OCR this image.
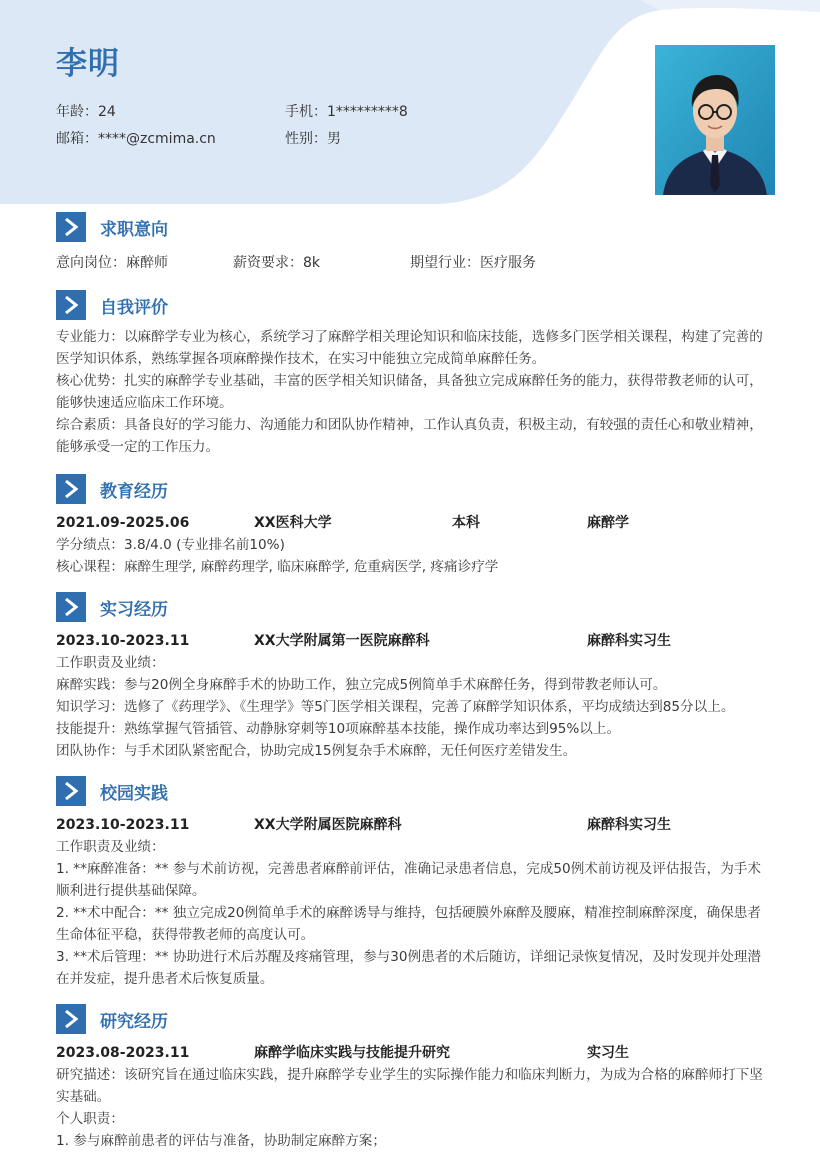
李明
年龄：24	手机：1*********8
邮箱：****@zcmima.cn	性别：男
求职意向
意向岗位：麻醉师	薪资要求：8k	期望行业：医疗服务
自我评价
专业能力：以麻醉学专业为核心，系统学习了麻醉学相关理论知识和临床技能，选修多门医学相关课程，构建了完善的医学知识体系，熟练掌握各项麻醉操作技术，在实习中能独立完成简单麻醉任务。
核心优势：扎实的麻醉学专业基础，丰富的医学相关知识储备，具备独立完成麻醉任务的能力，获得带教老师的认可，能够快速适应临床工作环境。
综合素质：具备良好的学习能力、沟通能力和团队协作精神，工作认真负责，积极主动，有较强的责任心和敬业精神，能够承受一定的工作压力。
教育经历
2021.09-2025.06	XX医科大学	本科	麻醉学
学分绩点：3.8/4.0 (专业排名前10%)
核心课程：麻醉生理学, 麻醉药理学, 临床麻醉学, 危重病医学, 疼痛诊疗学
实习经历
2023.10-2023.11	XX大学附属第一医院麻醉科	麻醉科实习生
工作职责及业绩：
麻醉实践：参与20例全身麻醉手术的协助工作，独立完成5例简单手术麻醉任务，得到带教老师认可。
知识学习：选修了《药理学》、《生理学》等5门医学相关课程，完善了麻醉学知识体系，平均成绩达到85分以上。
技能提升：熟练掌握气管插管、动静脉穿刺等10项麻醉基本技能，操作成功率达到95%以上。
团队协作：与手术团队紧密配合，协助完成15例复杂手术麻醉，无任何医疗差错发生。
校园实践
2023.10-2023.11	XX大学附属医院麻醉科	麻醉科实习生
工作职责及业绩：
1. **麻醉准备：** 参与术前访视，完善患者麻醉前评估，准确记录患者信息，完成50例术前访视及评估报告，为手术顺利进行提供基础保障。
2. **术中配合：** 独立完成20例简单手术的麻醉诱导与维持，包括硬膜外麻醉及腰麻，精准控制麻醉深度，确保患者生命体征平稳，获得带教老师的高度认可。
3. **术后管理：** 协助进行术后苏醒及疼痛管理，参与30例患者的术后随访，详细记录恢复情况，及时发现并处理潜在并发症，提升患者术后恢复质量。
研究经历
2023.08-2023.11	麻醉学临床实践与技能提升研究	实习生
研究描述：该研究旨在通过临床实践，提升麻醉学专业学生的实际操作能力和临床判断力，为成为合格的麻醉师打下坚实基础。
个人职责：
1. 参与麻醉前患者的评估与准备，协助制定麻醉方案；
